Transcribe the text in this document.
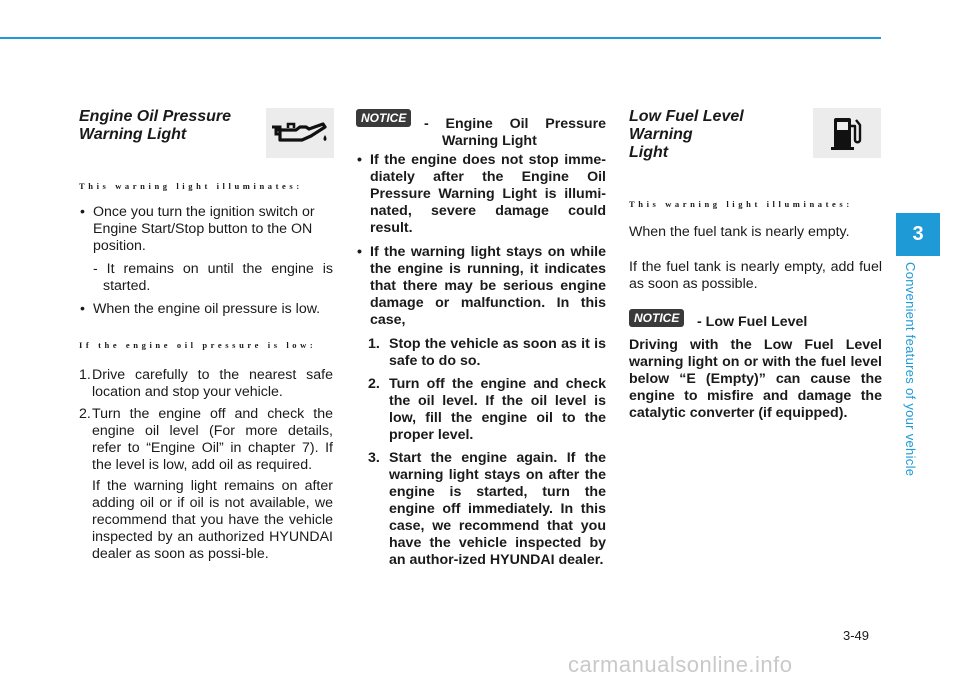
Engine Oil Pressure
Warning Light

This warning light illuminates:

• Once you turn the ignition switch or Engine Start/Stop button to the ON position.

- It remains on until the engine is started.

• When the engine oil pressure is low.

If the engine oil pressure is low:

1. Drive carefully to the nearest safe location and stop your vehicle.
2. Turn the engine off and check the engine oil level (For more details, refer to “Engine Oil” in chapter 7). If the level is low, add oil as required.

If the warning light remains on after adding oil or if oil is not available, we recommend that you have the vehicle inspected by an authorized HYUNDAI dealer as soon as possi-ble.

NOTICE	- Engine Oil Pressure
Warning Light
• If the engine does not stop imme-diately after the Engine Oil Pressure Warning Light is illumi-nated, severe damage could result.
• If the warning light stays on while the engine is running, it indicates that there may be serious engine damage or malfunction. In this case,
1. Stop the vehicle as soon as it is safe to do so.
2. Turn off the engine and check the oil level. If the oil level is low, fill the engine oil to the proper level.
3. Start the engine again. If the warning light stays on after the engine is started, turn the engine off immediately. In this case, we recommend that you have the vehicle inspected by an author-ized HYUNDAI dealer.
Low Fuel Level Warning
Light

This warning light illuminates:

When the fuel tank is nearly empty.

If the fuel tank is nearly empty, add fuel as soon as possible.

NOTICE	- Low Fuel Level

Driving with the Low Fuel Level warning light on or with the fuel level below “E (Empty)” can cause the engine to misfire and damage the catalytic converter (if equipped).

3
Convenient features of your vehicle
3-49
carmanualsonline.info
